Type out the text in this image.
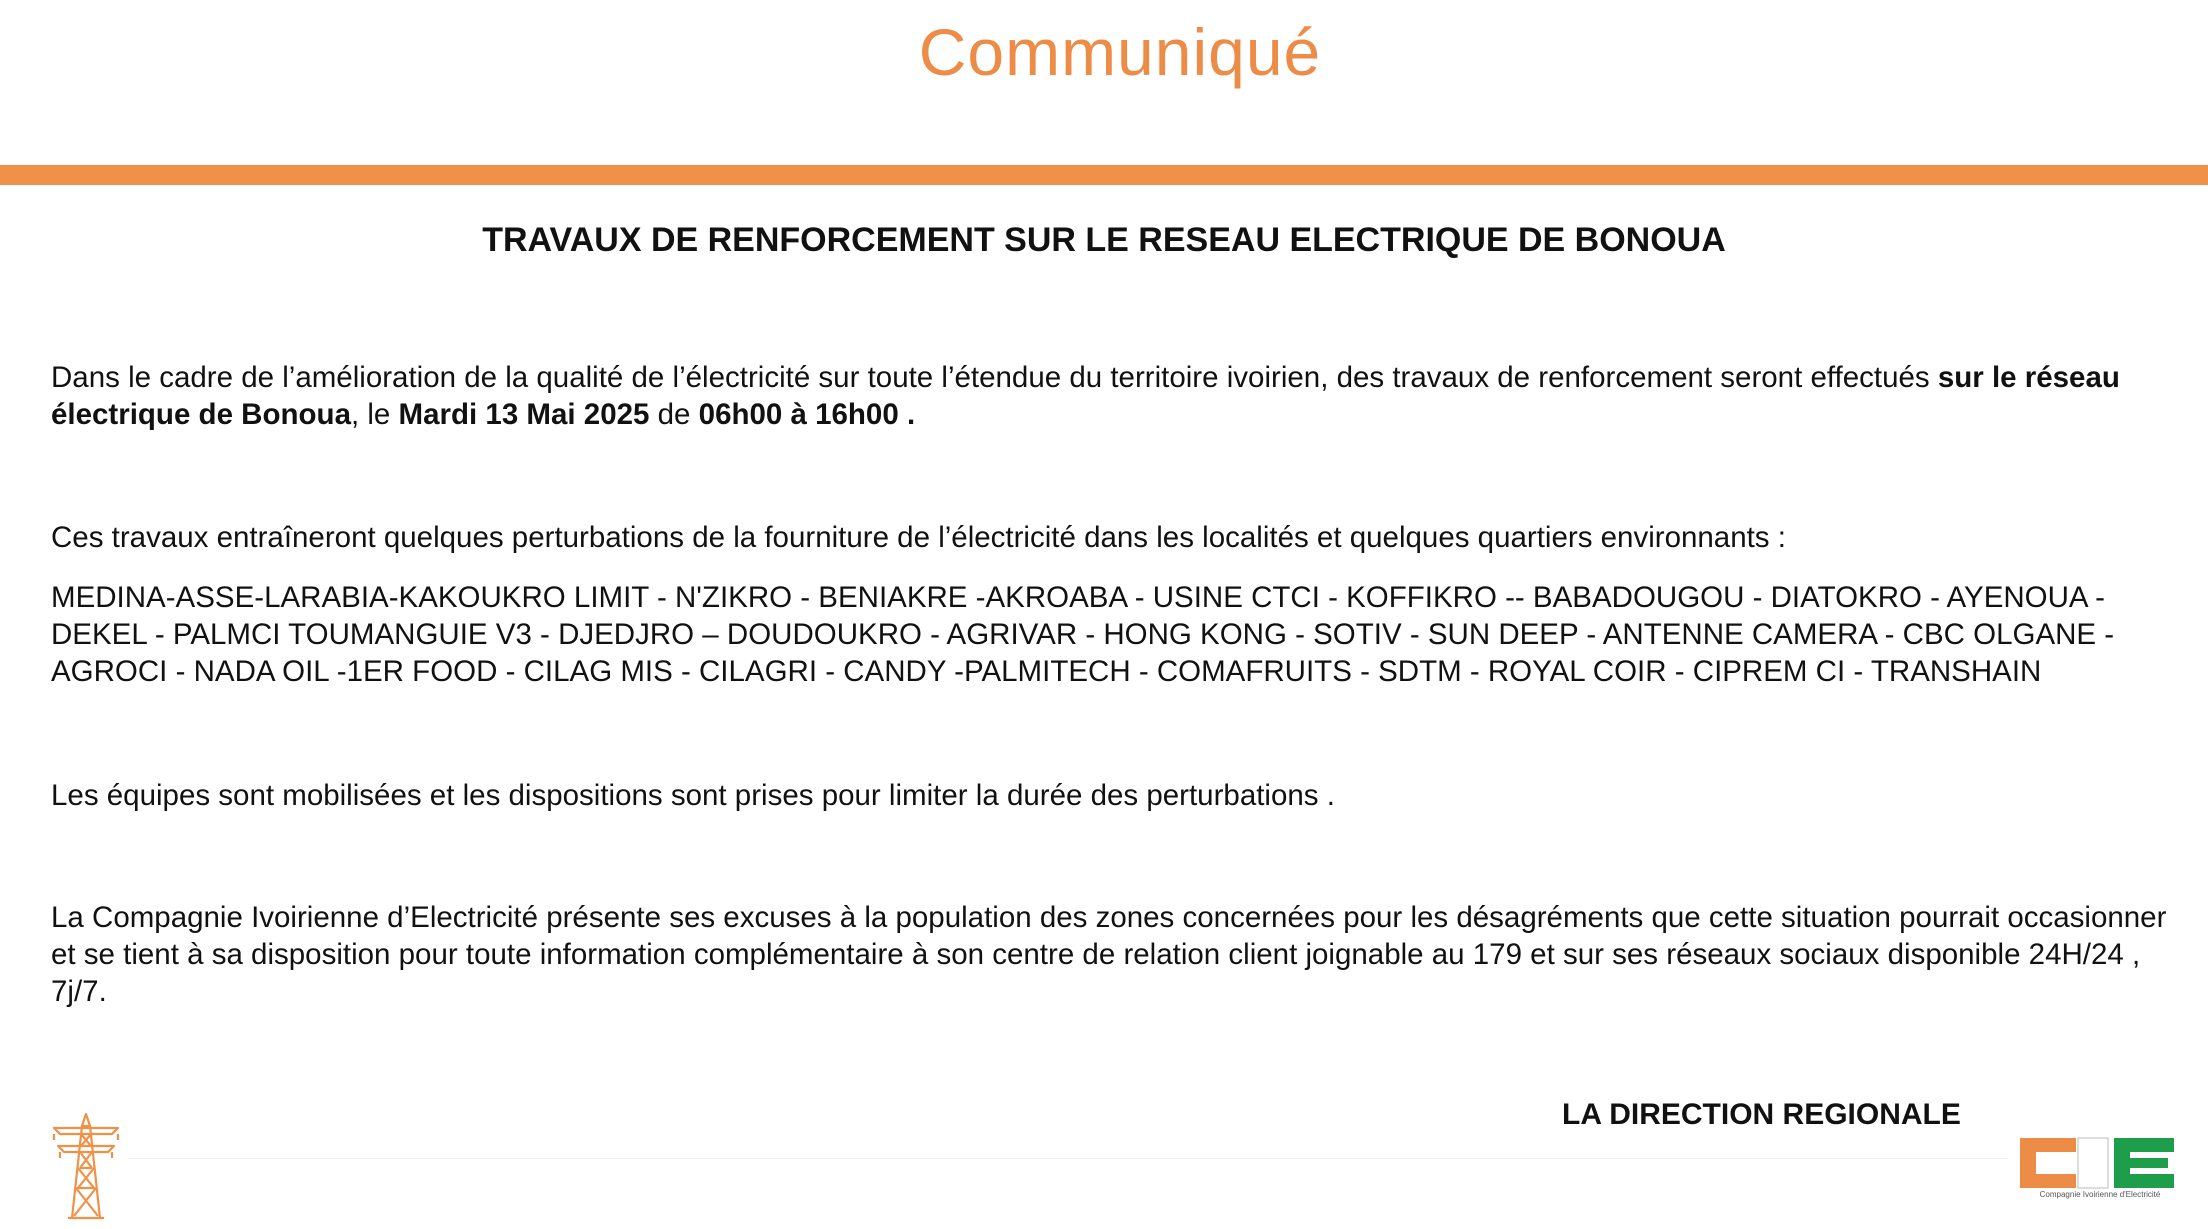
Communiqué
TRAVAUX DE RENFORCEMENT SUR LE RESEAU ELECTRIQUE DE BONOUA
Dans le cadre de l’amélioration de la qualité de l’électricité sur toute l’étendue du territoire ivoirien, des travaux de renforcement seront effectués sur le réseau électrique de Bonoua, le Mardi 13 Mai 2025 de 06h00 à 16h00 .
Ces travaux entraîneront quelques perturbations de la fourniture de l’électricité dans les localités et quelques quartiers environnants :
MEDINA-ASSE-LARABIA-KAKOUKRO LIMIT - N'ZIKRO - BENIAKRE -AKROABA - USINE CTCI - KOFFIKRO -- BABADOUGOU - DIATOKRO - AYENOUA - DEKEL - PALMCI TOUMANGUIE V3 - DJEDJRO – DOUDOUKRO - AGRIVAR - HONG KONG - SOTIV - SUN DEEP - ANTENNE CAMERA - CBC OLGANE - AGROCI - NADA OIL -1ER FOOD - CILAG MIS - CILAGRI - CANDY -PALMITECH - COMAFRUITS - SDTM - ROYAL COIR - CIPREM CI - TRANSHAIN
Les équipes sont mobilisées et les dispositions sont prises pour limiter la durée des perturbations .
La Compagnie Ivoirienne d’Electricité présente ses excuses à la population des zones concernées pour les désagréments que cette situation pourrait occasionner et se tient à sa disposition pour toute information complémentaire à son centre de relation client joignable au 179 et sur ses réseaux sociaux disponible 24H/24 , 7j/7.
LA DIRECTION REGIONALE
Compagnie Ivoirienne d'Electricité
